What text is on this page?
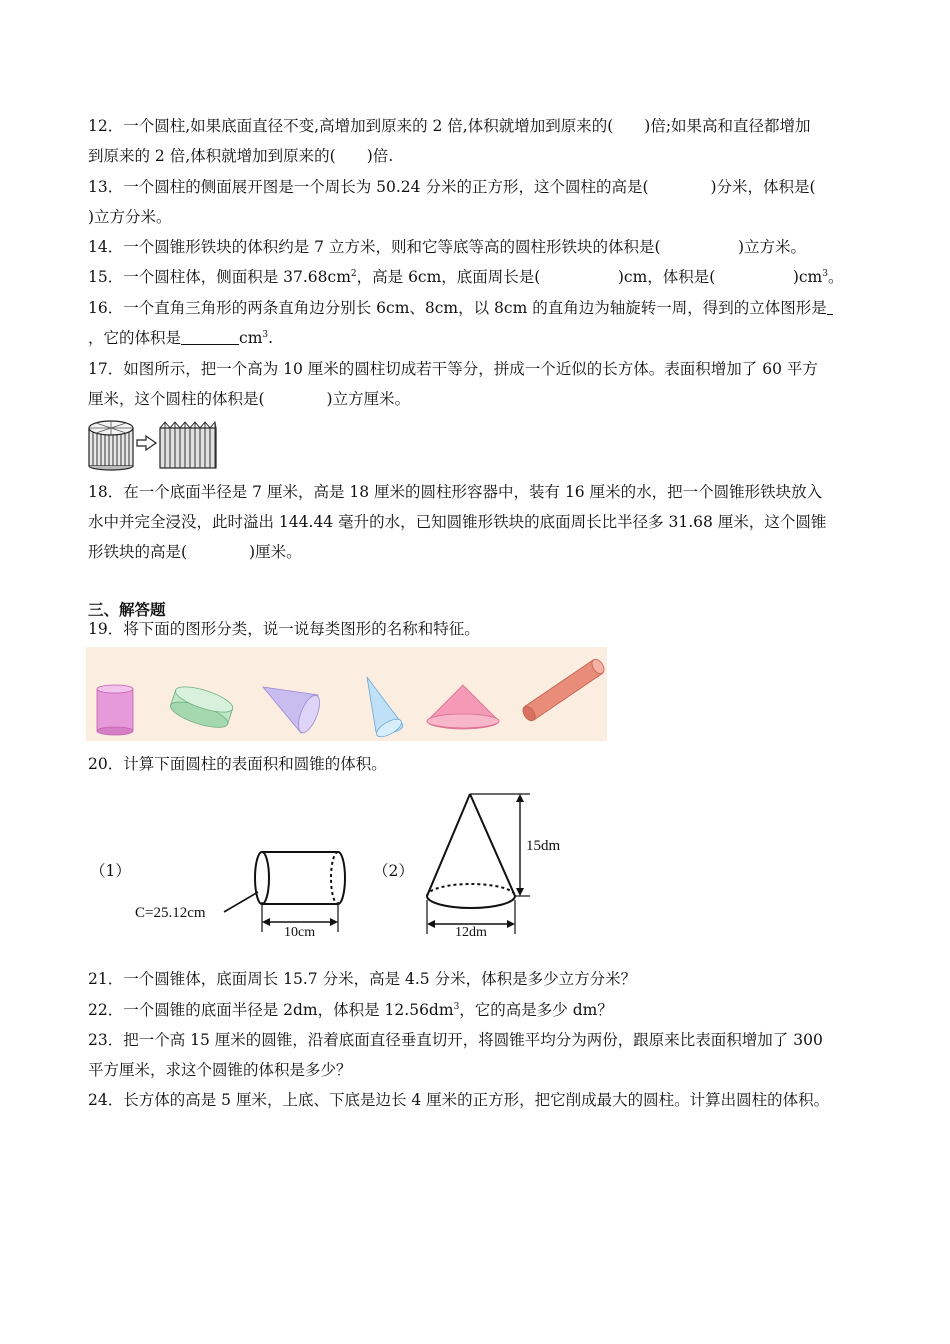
12．一个圆柱,如果底面直径不变,高增加到原来的 2 倍,体积就增加到原来的(　　)倍;如果高和直径都增加
到原来的 2 倍,体积就增加到原来的(　　)倍.
13．一个圆柱的侧面展开图是一个周长为 50.24 分米的正方形，这个圆柱的高是(　　　　)分米，体积是(
)立方分米。
14．一个圆锥形铁块的体积约是 7 立方米，则和它等底等高的圆柱形铁块的体积是(　　　　　)立方米。
15．一个圆柱体，侧面积是 $37.68cm^2$，高是 6cm，底面周长是(　　　　　)cm，体积是(　　　　　)$cm^3$。
16．一个直角三角形的两条直角边分别长 6cm、8cm，以 8cm 的直角边为轴旋转一周，得到的立体图形是
，它的体积是	$cm^3$.
17．如图所示，把一个高为 10 厘米的圆柱切成若干等分，拼成一个近似的长方体。表面积增加了 60 平方
厘米，这个圆柱的体积是(　　　　)立方厘米。
18．在一个底面半径是 7 厘米，高是 18 厘米的圆柱形容器中，装有 16 厘米的水，把一个圆锥形铁块放入
水中并完全浸没，此时溢出 144.44 毫升的水，已知圆锥形铁块的底面周长比半径多 31.68 厘米，这个圆锥
形铁块的高是(　　　　)厘米。
三、解答题
19．将下面的图形分类，说一说每类图形的名称和特征。
20．计算下面圆柱的表面积和圆锥的体积。
（1）	（2）
C=25.12cm
10cm
15dm
12dm
21．一个圆锥体，底面周长 15.7 分米，高是 4.5 分米，体积是多少立方分米？
22．一个圆锥的底面半径是 2dm，体积是 $12.56dm^3$，它的高是多少 dm？
23．把一个高 15 厘米的圆锥，沿着底面直径垂直切开，将圆锥平均分为两份，跟原来比表面积增加了 300
平方厘米，求这个圆锥的体积是多少？
24．长方体的高是 5 厘米，上底、下底是边长 4 厘米的正方形，把它削成最大的圆柱。计算出圆柱的体积。
